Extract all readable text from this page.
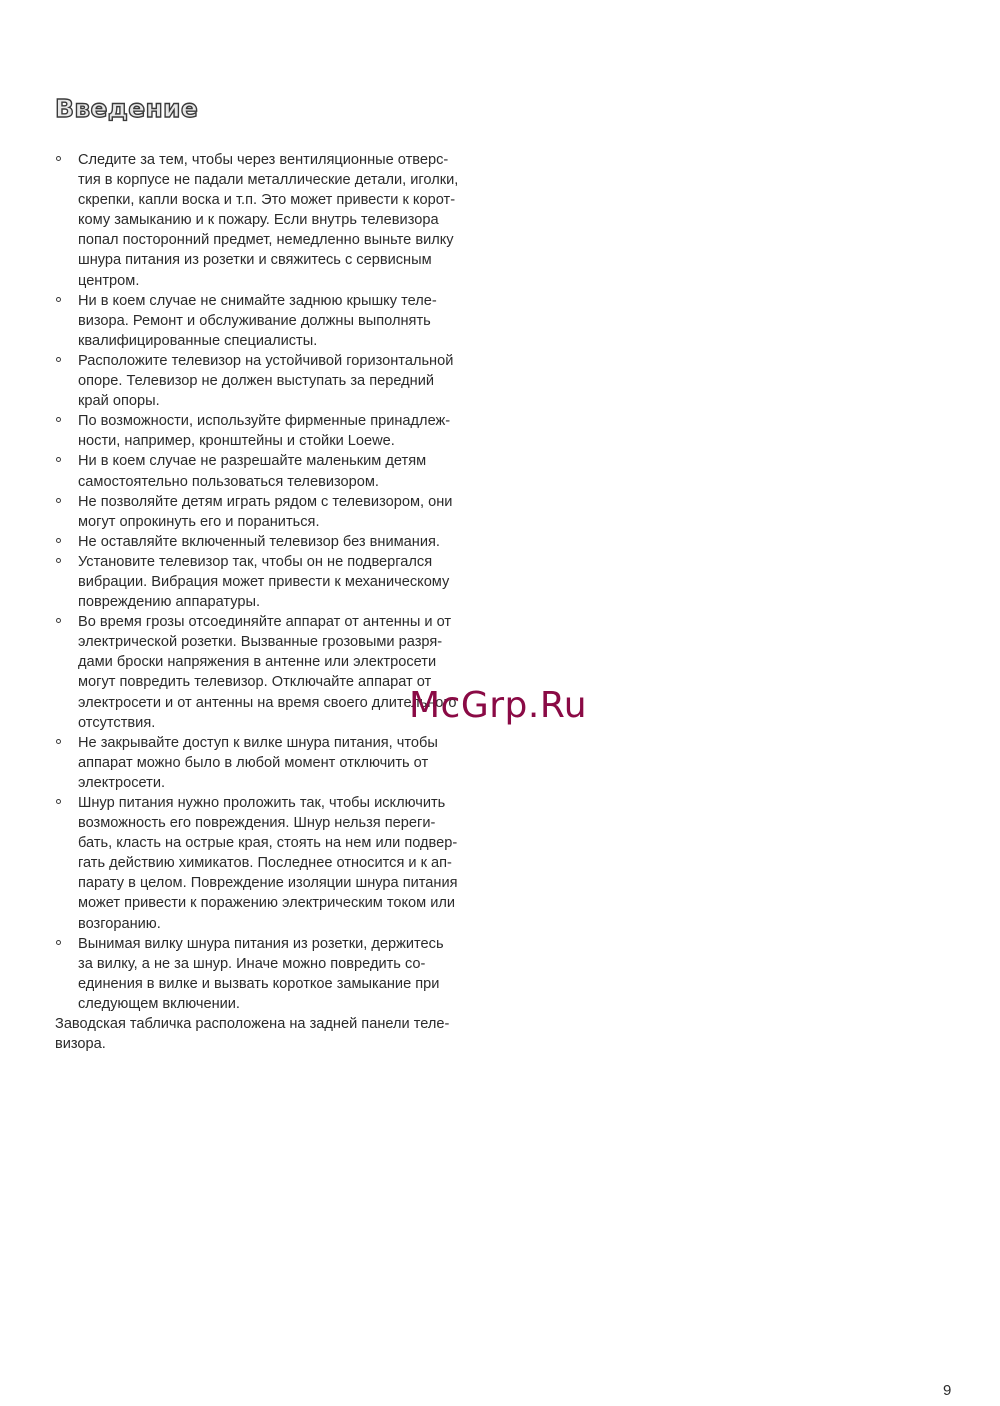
Введение
Следите за тем, чтобы через вентиляционные отверс-
тия в корпусе не падали металлические детали, иголки,
скрепки, капли воска и т.п. Это может привести к корот-
кому замыканию и к пожару. Если внутрь телевизора
попал посторонний предмет, немедленно выньте вилку
шнура питания из розетки и свяжитесь с сервисным
центром.
Ни в коем случае не снимайте заднюю крышку теле-
визора. Ремонт и обслуживание должны выполнять
квалифицированные специалисты.
Расположите телевизор на устойчивой горизонтальной
опоре. Телевизор не должен выступать за передний
край опоры.
По возможности, используйте фирменные принадлеж-
ности, например, кронштейны и стойки Loewe.
Ни в коем случае не разрешайте маленьким детям
самостоятельно пользоваться телевизором.
Не позволяйте детям играть рядом с телевизором, они
могут опрокинуть его и пораниться.
Не оставляйте включенный телевизор без внимания.
Установите телевизор так, чтобы он не подвергался
вибрации. Вибрация может привести к механическому
повреждению аппаратуры.
Во время грозы отсоединяйте аппарат от антенны и от
электрической розетки. Вызванные грозовыми разря-
дами броски напряжения в антенне или электросети
могут повредить телевизор. Отключайте аппарат от
электросети и от антенны на время своего длительного
отсутствия.
Не закрывайте доступ к вилке шнура питания, чтобы
аппарат можно было в любой момент отключить от
электросети.
Шнур питания нужно проложить так, чтобы исключить
возможность его повреждения. Шнур нельзя переги-
бать, класть на острые края, стоять на нем или подвер-
гать действию химикатов. Последнее относится и к ап-
парату в целом. Повреждение изоляции шнура питания
может привести к поражению электрическим током или
возгоранию.
Вынимая вилку шнура питания из розетки, держитесь
за вилку, а не за шнур. Иначе можно повредить со-
единения в вилке и вызвать короткое замыкание при
следующем включении.

Заводская табличка расположена на задней панели теле-
визора.

McGrp.Ru
9
